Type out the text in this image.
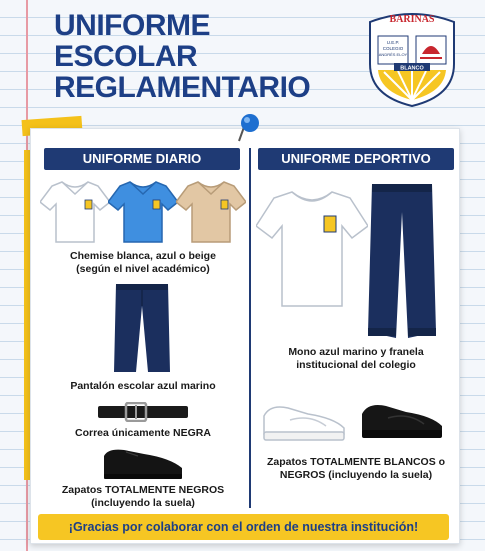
UNIFORME
ESCOLAR
REGLAMENTARIO
BARINAS
U.E.P.
COLEGIO
ANDRÉS ELOY
BLANCO
UNIFORME DIARIO	UNIFORME DEPORTIVO
Chemise blanca, azul o beige
(según el nivel académico)
Pantalón escolar azul marino
Correa únicamente NEGRA
Zapatos TOTALMENTE NEGROS
(incluyendo la suela)
Mono azul marino y franela
institucional del colegio
Zapatos TOTALMENTE BLANCOS o
NEGROS (incluyendo la suela)
¡Gracias por colaborar con el orden de nuestra institución!
